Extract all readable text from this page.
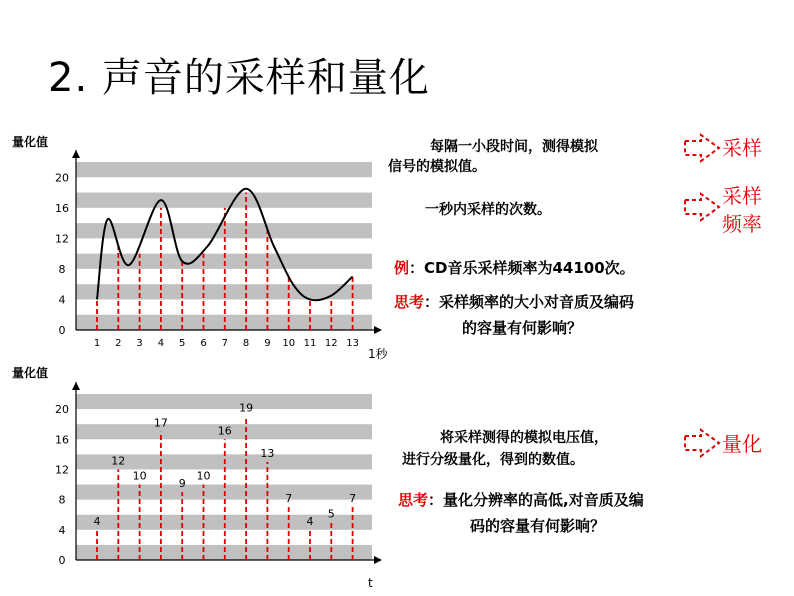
2. 声音的采样和量化
0
4
8
12
16
20
1 2 3 4 5 6 7 8 9 10 11 12 13
0
4
8
12
16
20
4
12
10
17
9
10
16
19
13
7
4
5
7
量化值
1秒
量化值
t
每隔一小段时间，测得模拟
信号的模拟值。
采样
一秒内采样的次数。
采样
频率
例：CD音乐采样频率为44100次。
思考：采样频率的大小对音质及编码
的容量有何影响？
将采样测得的模拟电压值，
进行分级量化，得到的数值。
量化
思考：量化分辨率的高低,对音质及编
码的容量有何影响？
